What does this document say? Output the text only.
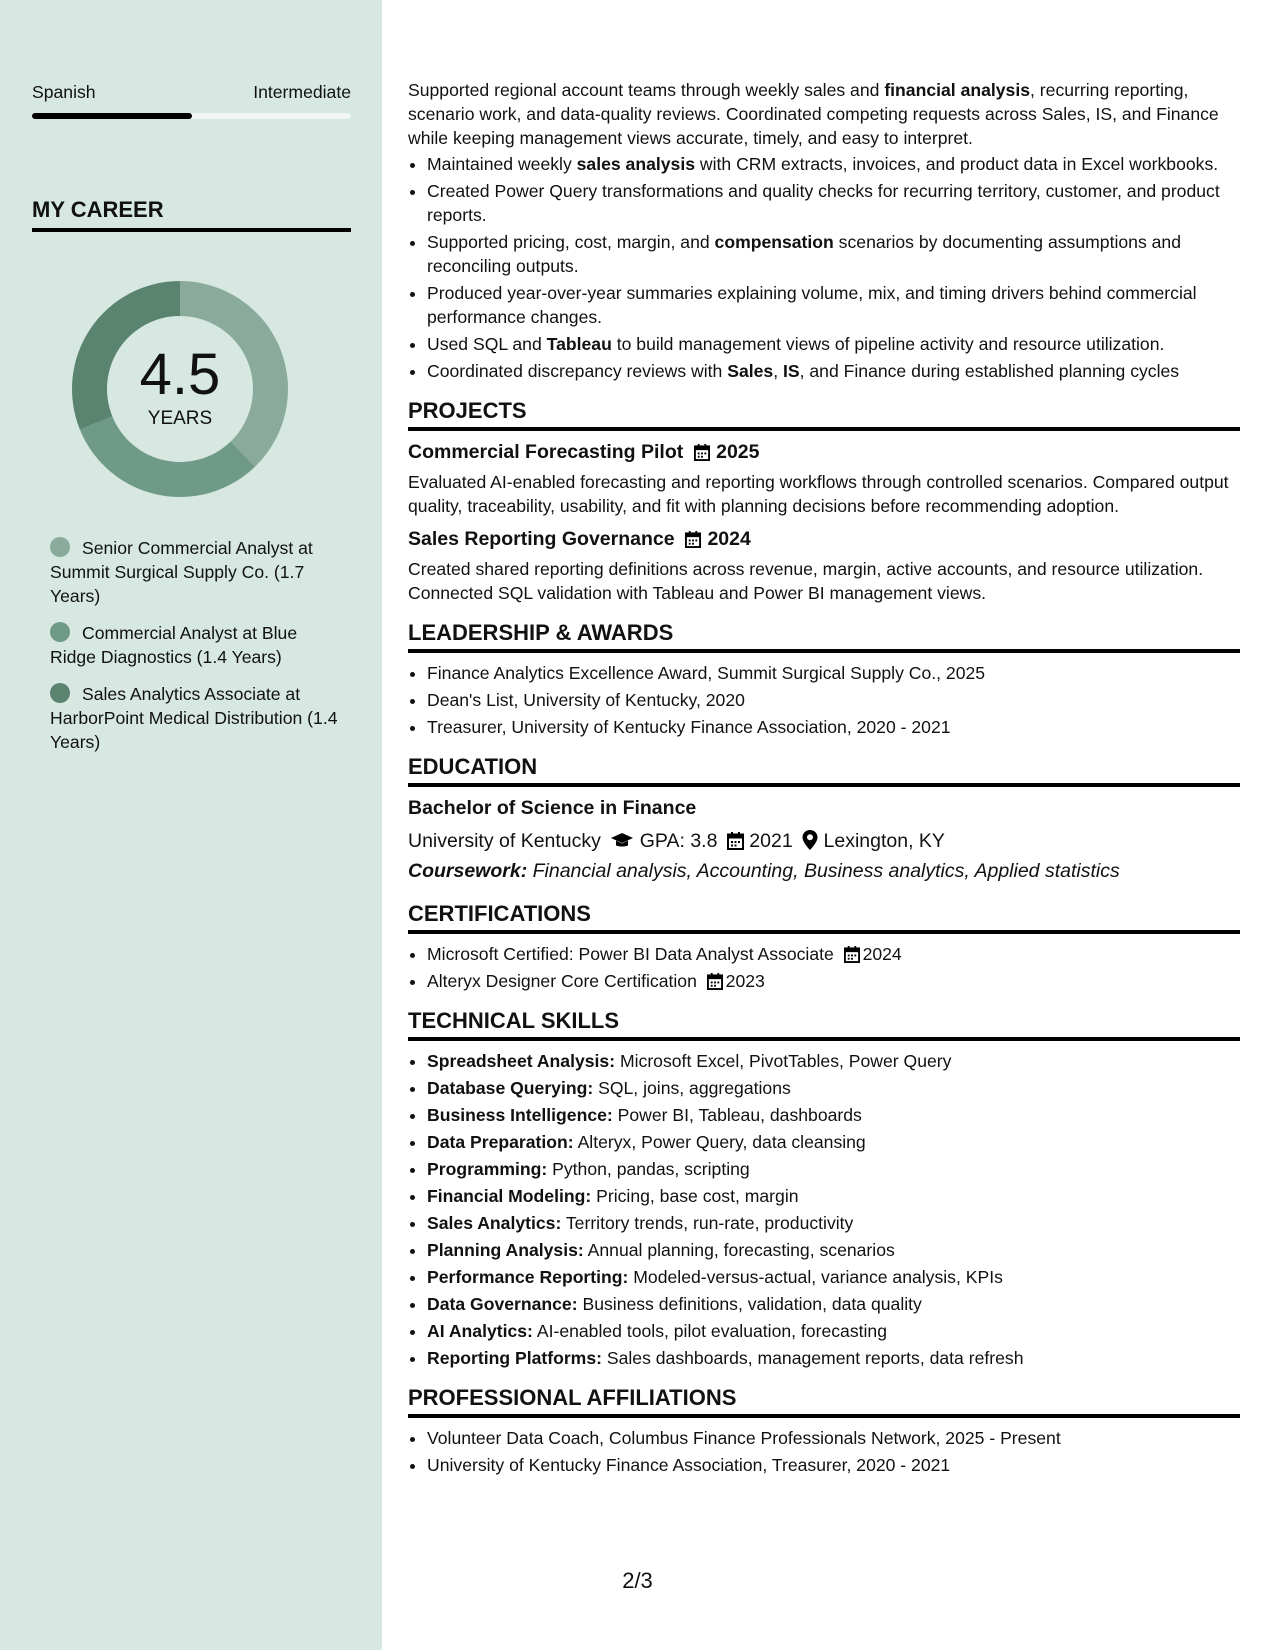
Spanish	Intermediate
MY CAREER
4.5
YEARS
Senior Commercial Analyst at Summit Surgical Supply Co. (1.7 Years)
Commercial Analyst at Blue Ridge Diagnostics (1.4 Years)
Sales Analytics Associate at HarborPoint Medical Distribution (1.4 Years)

Supported regional account teams through weekly sales and financial analysis, recurring reporting, scenario work, and data-quality reviews. Coordinated competing requests across Sales, IS, and Finance while keeping management views accurate, timely, and easy to interpret.

• Maintained weekly sales analysis with CRM extracts, invoices, and product data in Excel workbooks.
• Created Power Query transformations and quality checks for recurring territory, customer, and product reports.
• Supported pricing, cost, margin, and compensation scenarios by documenting assumptions and reconciling outputs.
• Produced year-over-year summaries explaining volume, mix, and timing drivers behind commercial performance changes.
• Used SQL and Tableau to build management views of pipeline activity and resource utilization.
• Coordinated discrepancy reviews with Sales, IS, and Finance during established planning cycles
PROJECTS
Commercial Forecasting Pilot 2025

Evaluated AI-enabled forecasting and reporting workflows through controlled scenarios. Compared output quality, traceability, usability, and fit with planning decisions before recommending adoption.

Sales Reporting Governance 2024

Created shared reporting definitions across revenue, margin, active accounts, and resource utilization. Connected SQL validation with Tableau and Power BI management views.

LEADERSHIP & AWARDS
• Finance Analytics Excellence Award, Summit Surgical Supply Co., 2025
• Dean's List, University of Kentucky, 2020
• Treasurer, University of Kentucky Finance Association, 2020 - 2021
EDUCATION
Bachelor of Science in Finance
University of Kentucky GPA: 3.8 2021 Lexington, KY
Coursework: Financial analysis, Accounting, Business analytics, Applied statistics
CERTIFICATIONS
• Microsoft Certified: Power BI Data Analyst Associate 2024
• Alteryx Designer Core Certification 2023
TECHNICAL SKILLS
• Spreadsheet Analysis: Microsoft Excel, PivotTables, Power Query
• Database Querying: SQL, joins, aggregations
• Business Intelligence: Power BI, Tableau, dashboards
• Data Preparation: Alteryx, Power Query, data cleansing
• Programming: Python, pandas, scripting
• Financial Modeling: Pricing, base cost, margin
• Sales Analytics: Territory trends, run-rate, productivity
• Planning Analysis: Annual planning, forecasting, scenarios
• Performance Reporting: Modeled-versus-actual, variance analysis, KPIs
• Data Governance: Business definitions, validation, data quality
• AI Analytics: AI-enabled tools, pilot evaluation, forecasting
• Reporting Platforms: Sales dashboards, management reports, data refresh
PROFESSIONAL AFFILIATIONS
• Volunteer Data Coach, Columbus Finance Professionals Network, 2025 - Present
• University of Kentucky Finance Association, Treasurer, 2020 - 2021
2/3
